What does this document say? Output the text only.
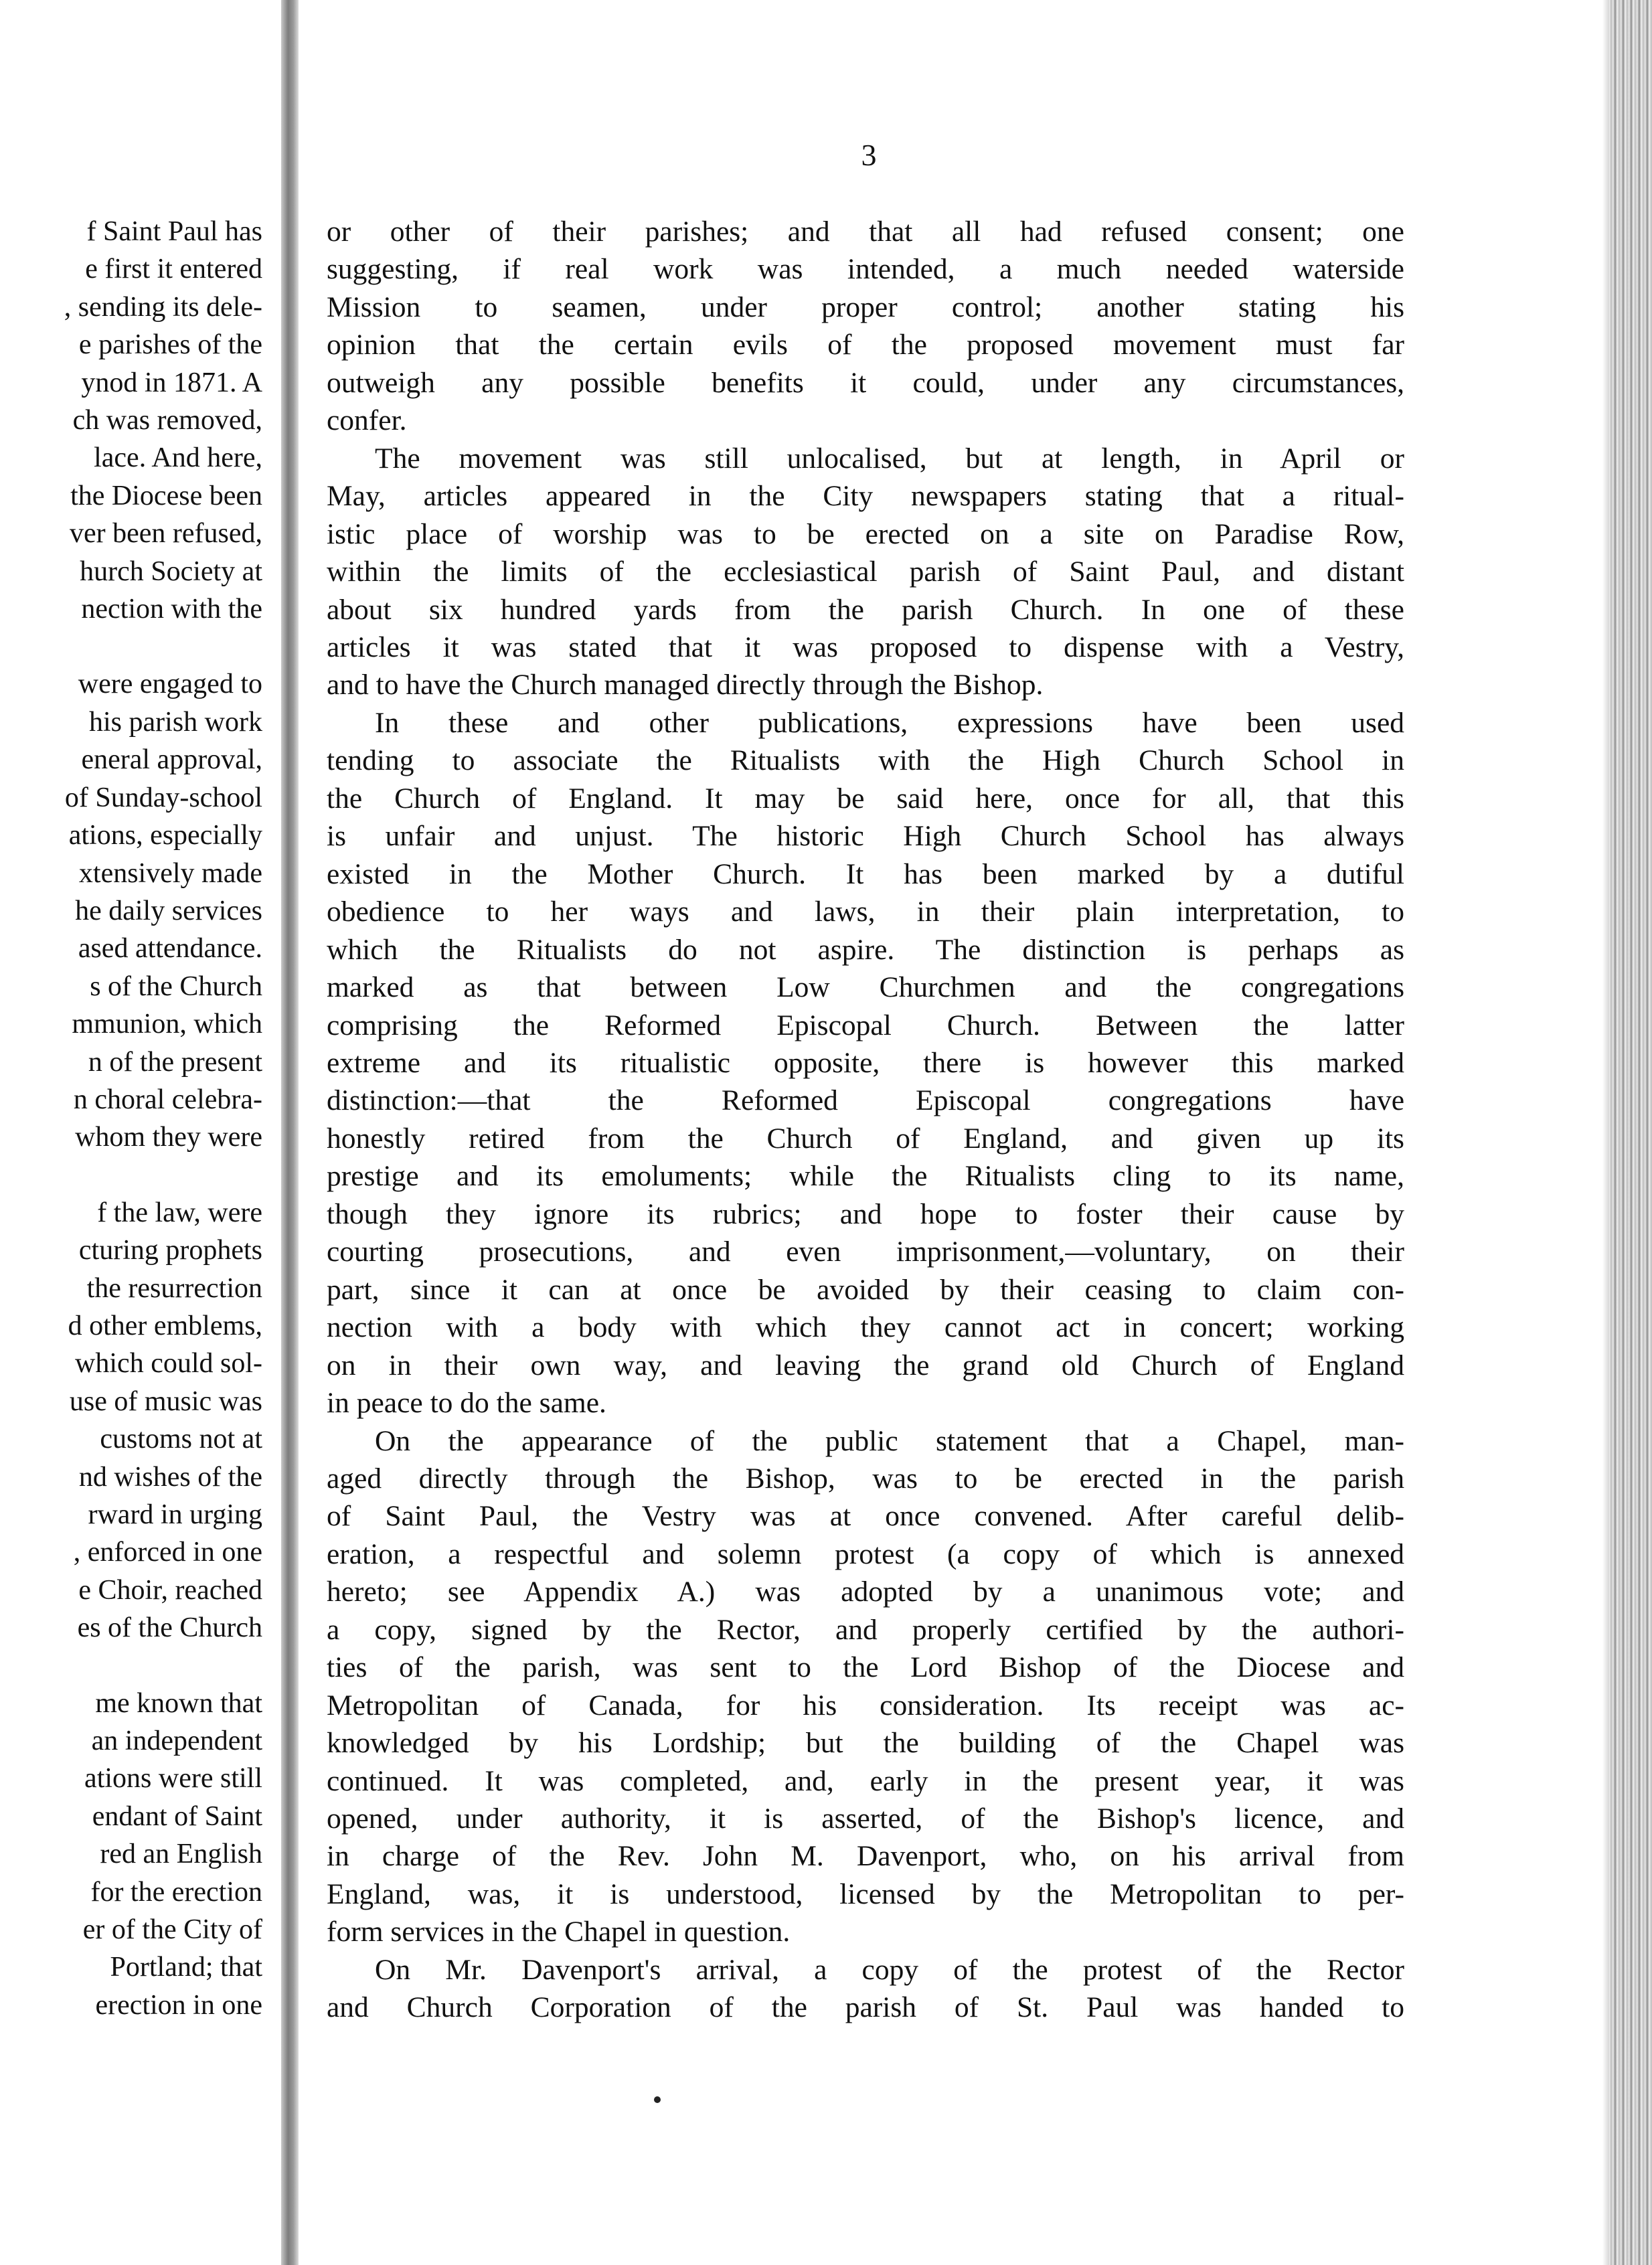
f Saint Paul has
e first it entered
, sending its dele-
e parishes of the
ynod in 1871. A
ch was removed,
lace. And here,
the Diocese been
ver been refused,
hurch Society at
nection with the
were engaged to
his parish work
eneral approval,
of Sunday-school
ations, especially
xtensively made
he daily services
ased attendance.
s of the Church
mmunion, which
n of the present
n choral celebra-
whom they were
f the law, were
cturing prophets
the resurrection
d other emblems,
which could sol-
use of music was
customs not at
nd wishes of the
rward in urging
, enforced in one
e Choir, reached
es of the Church
me known that
an independent
ations were still
endant of Saint
red an English
for the erection
er of the City of
Portland; that
erection in one
3
or other of their parishes; and that all had refused consent; one
suggesting, if real work was intended, a much needed waterside
Mission to seamen, under proper control; another stating his
opinion that the certain evils of the proposed movement must far
outweigh any possible benefits it could, under any circumstances,
confer.
The movement was still unlocalised, but at length, in April or
May, articles appeared in the City newspapers stating that a ritual-
istic place of worship was to be erected on a site on Paradise Row,
within the limits of the ecclesiastical parish of Saint Paul, and distant
about six hundred yards from the parish Church. In one of these
articles it was stated that it was proposed to dispense with a Vestry,
and to have the Church managed directly through the Bishop.
In these and other publications, expressions have been used
tending to associate the Ritualists with the High Church School in
the Church of England. It may be said here, once for all, that this
is unfair and unjust. The historic High Church School has always
existed in the Mother Church. It has been marked by a dutiful
obedience to her ways and laws, in their plain interpretation, to
which the Ritualists do not aspire. The distinction is perhaps as
marked as that between Low Churchmen and the congregations
comprising the Reformed Episcopal Church. Between the latter
extreme and its ritualistic opposite, there is however this marked
distinction:—that the Reformed Episcopal congregations have
honestly retired from the Church of England, and given up its
prestige and its emoluments; while the Ritualists cling to its name,
though they ignore its rubrics; and hope to foster their cause by
courting prosecutions, and even imprisonment,—voluntary, on their
part, since it can at once be avoided by their ceasing to claim con-
nection with a body with which they cannot act in concert; working
on in their own way, and leaving the grand old Church of England
in peace to do the same.
On the appearance of the public statement that a Chapel, man-
aged directly through the Bishop, was to be erected in the parish
of Saint Paul, the Vestry was at once convened. After careful delib-
eration, a respectful and solemn protest (a copy of which is annexed
hereto; see Appendix A.) was adopted by a unanimous vote; and
a copy, signed by the Rector, and properly certified by the authori-
ties of the parish, was sent to the Lord Bishop of the Diocese and
Metropolitan of Canada, for his consideration. Its receipt was ac-
knowledged by his Lordship; but the building of the Chapel was
continued. It was completed, and, early in the present year, it was
opened, under authority, it is asserted, of the Bishop's licence, and
in charge of the Rev. John M. Davenport, who, on his arrival from
England, was, it is understood, licensed by the Metropolitan to per-
form services in the Chapel in question.
On Mr. Davenport's arrival, a copy of the protest of the Rector
and Church Corporation of the parish of St. Paul was handed to
